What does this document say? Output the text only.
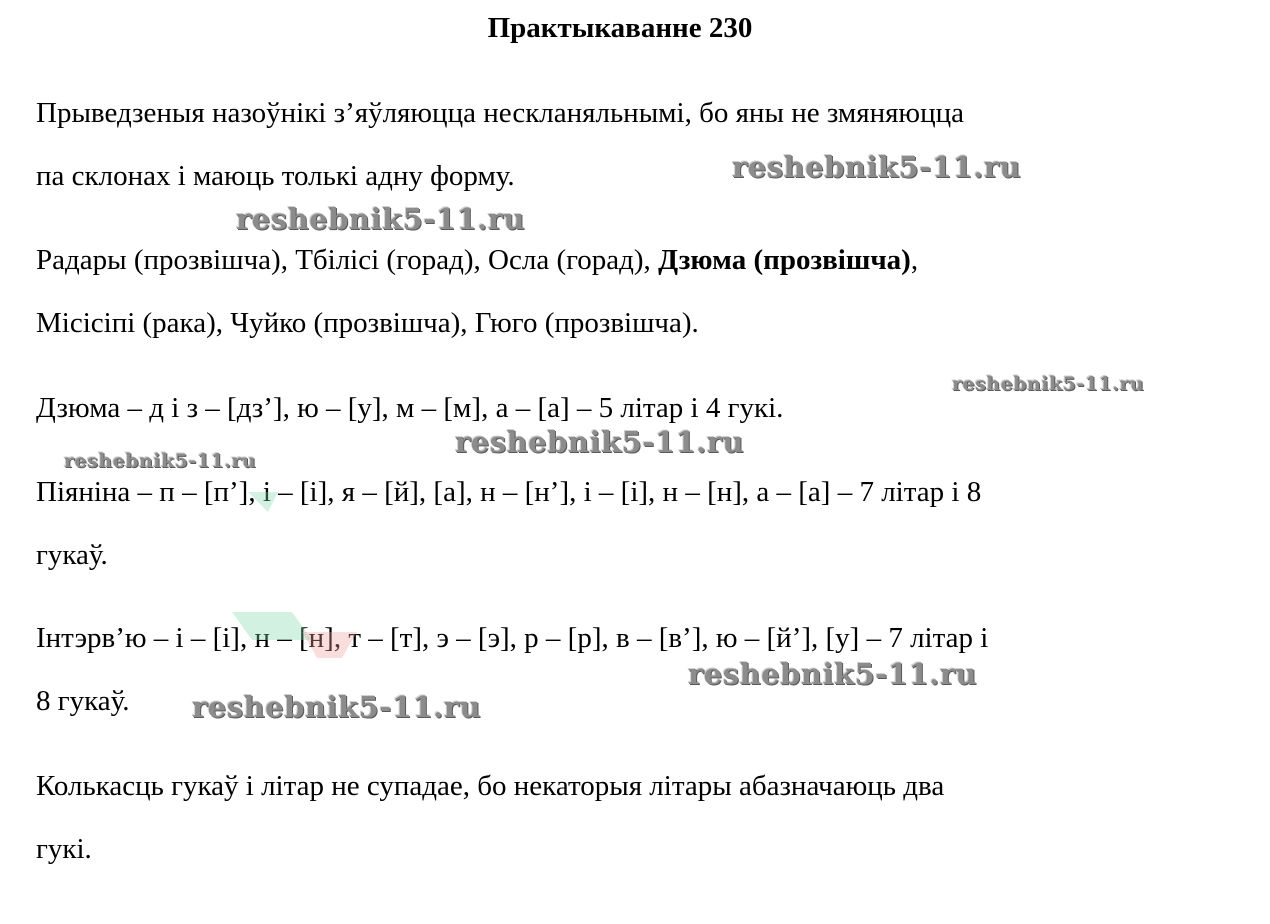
Практыкаванне 230
Прыведзеныя назоўнікі з’яўляюцца нескланяльнымі, бо яны не змяняюцца
па склонах і маюць толькі адну форму.
Радары (прозвішча), Тбілісі (горад), Осла (горад), Дзюма (прозвішча),
Місісіпі (рака), Чуйко (прозвішча), Гюго (прозвішча).
Дзюма – д і з – [дз’], ю – [у], м – [м], а – [а] – 5 літар і 4 гукі.
Піяніна – п – [п’], і – [і], я – [й], [а], н – [н’], і – [і], н – [н], а – [а] – 7 літар і 8
гукаў.
Інтэрв’ю – і – [і], н – [н], т – [т], э – [э], р – [р], в – [в’], ю – [й’], [у] – 7 літар і
8 гукаў.
Колькасць гукаў і літар не супадае, бо некаторыя літары абазначаюць два
гукі.
reshebnik5-11.ru
reshebnik5-11.ru
reshebnik5-11.ru
reshebnik5-11.ru
reshebnik5-11.ru
reshebnik5-11.ru
reshebnik5-11.ru
